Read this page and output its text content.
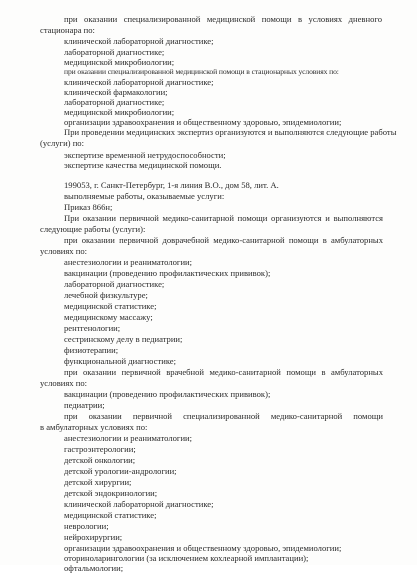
при оказании специализированной медицинской помощи в условиях дневного
стационара по:
клинической лабораторной диагностике;
лабораторной диагностике;
медицинской микробиологии;
при оказании специализированной медицинской помощи в стационарных условиях по:
клинической лабораторной диагностике;
клинической фармакологии;
лабораторной диагностике;
медицинской микробиологии;
организации здравоохранения и общественному здоровью, эпидемиологии;
При проведении медицинских экспертиз организуются и выполняются следующие работы
(услуги) по:
экспертизе временной нетрудоспособности;
экспертизе качества медицинской помощи.
199053, г. Санкт-Петербург, 1-я линия В.О., дом 58, лит. А.
выполняемые работы, оказываемые услуги:
Приказ 866н;
При оказании первичной медико-санитарной помощи организуются и выполняются
следующие работы (услуги):
при оказании первичной доврачебной медико-санитарной помощи в амбулаторных
условиях по:
анестезиологии и реаниматологии;
вакцинации (проведению профилактических прививок);
лабораторной диагностике;
лечебной физкультуре;
медицинской статистике;
медицинскому массажу;
рентгенологии;
сестринскому делу в педиатрии;
физиотерапии;
функциональной диагностике;
при оказании первичной врачебной медико-санитарной помощи в амбулаторных
условиях по:
вакцинации (проведению профилактических прививок);
педиатрии;
при оказании первичной специализированной медико-санитарной помощи
в амбулаторных условиях по:
анестезиологии и реаниматологии;
гастроэнтерологии;
детской онкологии;
детской урологии-андрологии;
детской хирургии;
детской эндокринологии;
клинической лабораторной диагностике;
медицинской статистике;
неврологии;
нейрохирургии;
организации здравоохранения и общественному здоровью, эпидемиологии;
оториноларингологии (за исключением кохлеарной имплантации);
офтальмологии;
